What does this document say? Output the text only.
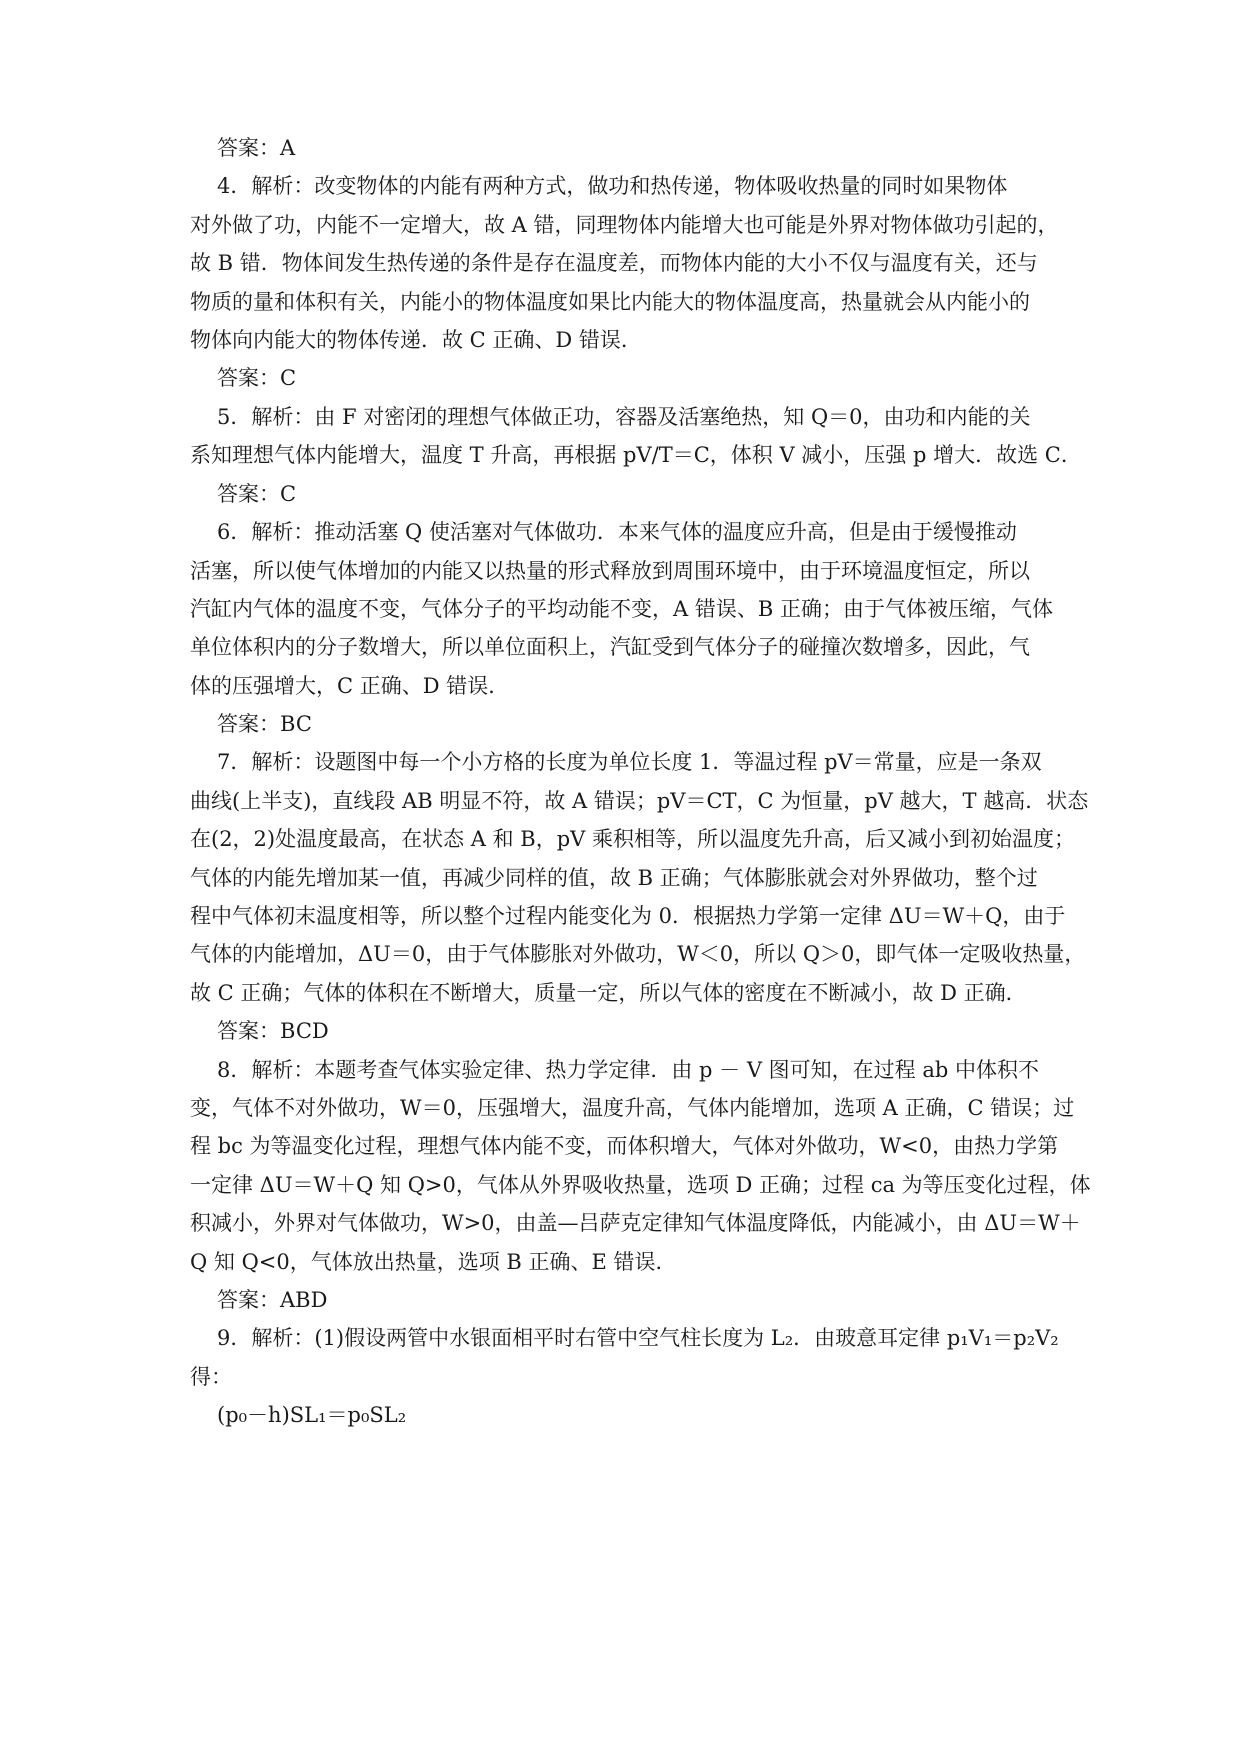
答案：A
4．解析：改变物体的内能有两种方式，做功和热传递，物体吸收热量的同时如果物体
对外做了功，内能不一定增大，故 A 错，同理物体内能增大也可能是外界对物体做功引起的，
故 B 错．物体间发生热传递的条件是存在温度差，而物体内能的大小不仅与温度有关，还与
物质的量和体积有关，内能小的物体温度如果比内能大的物体温度高，热量就会从内能小的
物体向内能大的物体传递．故 C 正确、D 错误．
答案：C
5．解析：由 F 对密闭的理想气体做正功，容器及活塞绝热，知 Q＝0，由功和内能的关
系知理想气体内能增大，温度 T 升高，再根据 pV/T＝C，体积 V 减小，压强 p 增大．故选 C．
答案：C
6．解析：推动活塞 Q 使活塞对气体做功．本来气体的温度应升高，但是由于缓慢推动
活塞，所以使气体增加的内能又以热量的形式释放到周围环境中，由于环境温度恒定，所以
汽缸内气体的温度不变，气体分子的平均动能不变，A 错误、B 正确；由于气体被压缩，气体
单位体积内的分子数增大，所以单位面积上，汽缸受到气体分子的碰撞次数增多，因此，气
体的压强增大，C 正确、D 错误．
答案：BC
7．解析：设题图中每一个小方格的长度为单位长度 1．等温过程 pV＝常量，应是一条双
曲线(上半支)，直线段 AB 明显不符，故 A 错误；pV＝CT，C 为恒量，pV 越大，T 越高．状态
在(2，2)处温度最高，在状态 A 和 B，pV 乘积相等，所以温度先升高，后又减小到初始温度；
气体的内能先增加某一值，再减少同样的值，故 B 正确；气体膨胀就会对外界做功，整个过
程中气体初末温度相等，所以整个过程内能变化为 0．根据热力学第一定律 ΔU＝W＋Q，由于
气体的内能增加，ΔU＝0，由于气体膨胀对外做功，W＜0，所以 Q＞0，即气体一定吸收热量，
故 C 正确；气体的体积在不断增大，质量一定，所以气体的密度在不断减小，故 D 正确．
答案：BCD
8．解析：本题考查气体实验定律、热力学定律．由 p － V 图可知，在过程 ab 中体积不
变，气体不对外做功，W＝0，压强增大，温度升高，气体内能增加，选项 A 正确，C 错误；过
程 bc 为等温变化过程，理想气体内能不变，而体积增大，气体对外做功，W<0，由热力学第
一定律 ΔU＝W＋Q 知 Q>0，气体从外界吸收热量，选项 D 正确；过程 ca 为等压变化过程，体
积减小，外界对气体做功，W>0，由盖—吕萨克定律知气体温度降低，内能减小，由 ΔU＝W＋
Q 知 Q<0，气体放出热量，选项 B 正确、E 错误．
答案：ABD
9．解析：(1)假设两管中水银面相平时右管中空气柱长度为 L₂．由玻意耳定律 p₁V₁＝p₂V₂
得：
(p₀－h)SL₁＝p₀SL₂
